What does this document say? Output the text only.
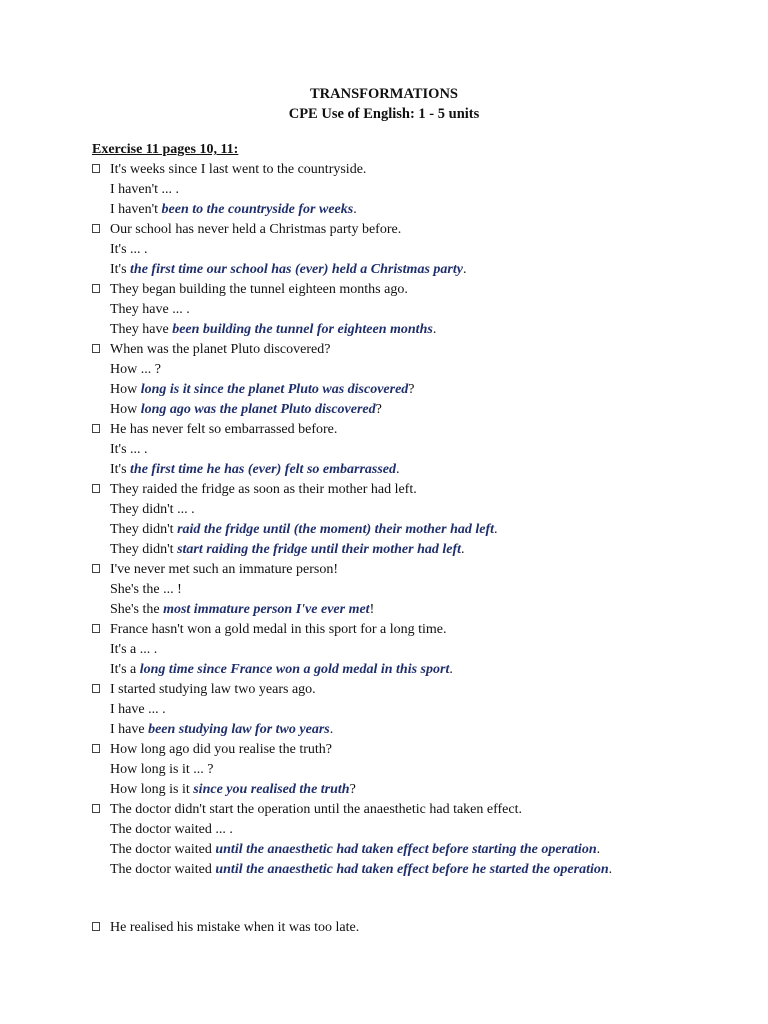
TRANSFORMATIONS
CPE Use of English: 1 - 5 units
Exercise 11 pages 10, 11:
It's weeks since I last went to the countryside.
I haven't ... .
I haven't been to the countryside for weeks.
Our school has never held a Christmas party before.
It's ... .
It's the first time our school has (ever) held a Christmas party.
They began building the tunnel eighteen months ago.
They have ... .
They have been building the tunnel for eighteen months.
When was the planet Pluto discovered?
How ... ?
How long is it since the planet Pluto was discovered?
How long ago was the planet Pluto discovered?
He has never felt so embarrassed before.
It's ... .
It's the first time he has (ever) felt so embarrassed.
They raided the fridge as soon as their mother had left.
They didn't ... .
They didn't raid the fridge until (the moment) their mother had left.
They didn't start raiding the fridge until their mother had left.
I've never met such an immature person!
She's the ... !
She's the most immature person I've ever met!
France hasn't won a gold medal in this sport for a long time.
It's a ... .
It's a long time since France won a gold medal in this sport.
I started studying law two years ago.
I have ... .
I have been studying law for two years.
How long ago did you realise the truth?
How long is it ... ?
How long is it since you realised the truth?
The doctor didn't start the operation until the anaesthetic had taken effect.
The doctor waited ... .
The doctor waited until the anaesthetic had taken effect before starting the operation.
The doctor waited until the anaesthetic had taken effect before he started the operation.
He realised his mistake when it was too late.
